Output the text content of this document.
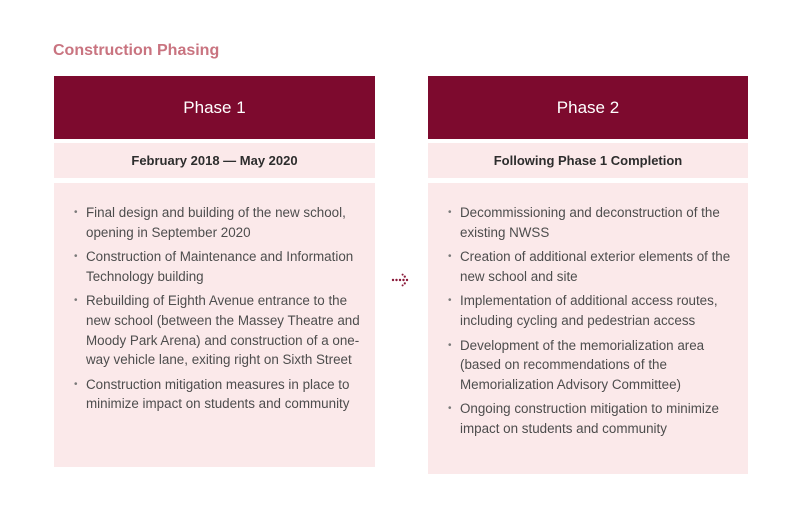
Construction Phasing
Phase 1
February 2018 — May 2020
• Final design and building of the new school, opening in September 2020
• Construction of Maintenance and Information Technology building
• Rebuilding of Eighth Avenue entrance to the new school (between the Massey Theatre and Moody Park Arena) and construction of a one-way vehicle lane, exiting right on Sixth Street
• Construction mitigation measures in place to minimize impact on students and community
Phase 2
Following Phase 1 Completion
• Decommissioning and deconstruction of the existing NWSS
• Creation of additional exterior elements of the new school and site
• Implementation of additional access routes, including cycling and pedestrian access
• Development of the memorialization area (based on recommendations of the Memorialization Advisory Committee)
• Ongoing construction mitigation to minimize impact on students and community
